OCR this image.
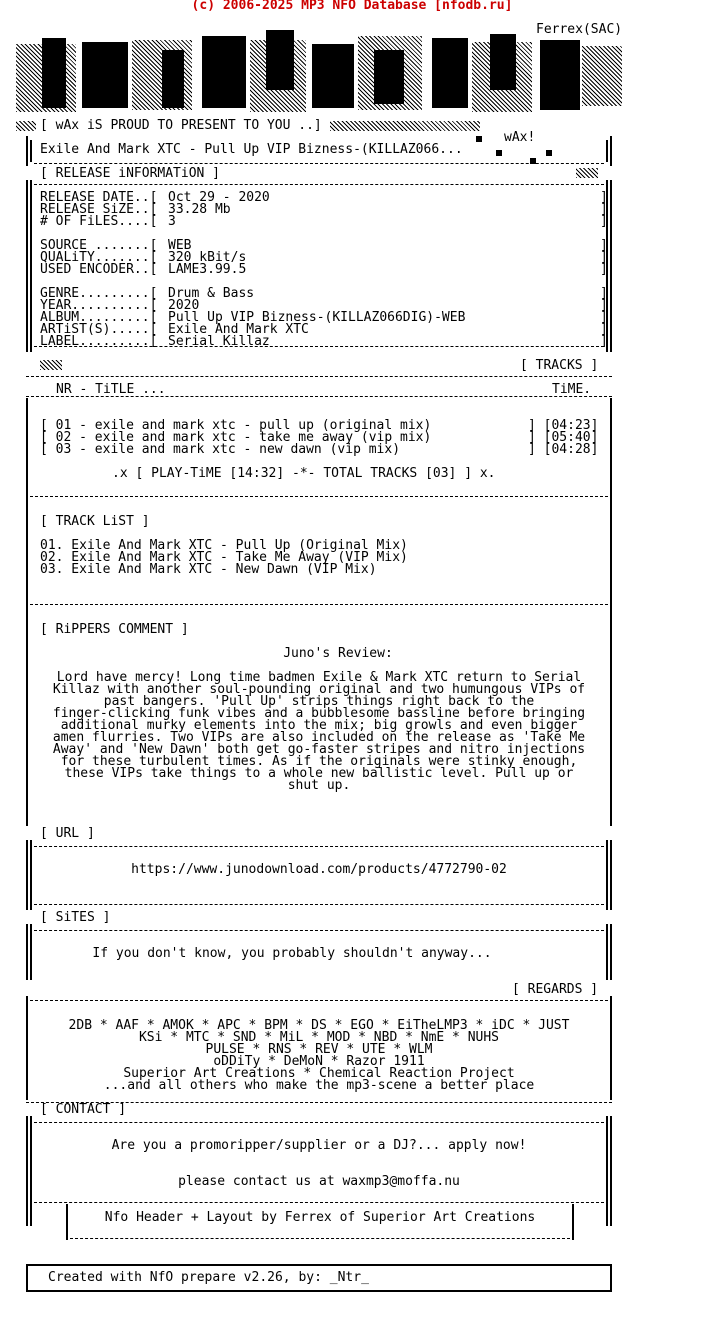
(c) 2006-2025 MP3 NFO Database [nfodb.ru]
Ferrex(SAC)
[ wAx iS PROUD TO PRESENT TO YOU ..]
wAx!
Exile And Mark XTC - Pull Up VIP Bizness-(KILLAZ066...
[ RELEASE iNFORMATiON ]
RELEASE DATE..[ Oct 29 - 2020
RELEASE SiZE..[ 33.28 Mb
# OF FiLES....[ 3
SOURCE .......[ WEB
QUALiTY.......[ 320 kBit/s
USED ENCODER..[ LAME3.99.5
GENRE.........[ Drum & Bass
YEAR..........[ 2020
ALBUM.........[ Pull Up VIP Bizness-(KILLAZ066DIG)-WEB
ARTiST(S).....[ Exile And Mark XTC
LABEL.........[ Serial Killaz
]
]
]

]
]
]

]
]
]
]
]
[ TRACKS ]
NR - TiTLE ...	TiME.
[ 01 - exile and mark xtc - pull up (original mix)	] [04:23]
[ 02 - exile and mark xtc - take me away (vip mix)	] [05:40]
[ 03 - exile and mark xtc - new dawn (vip mix)	] [04:28]
.x [ PLAY-TiME [14:32] -*- TOTAL TRACKS [03] ] x.
[ TRACK LiST ]
01. Exile And Mark XTC - Pull Up (Original Mix)
02. Exile And Mark XTC - Take Me Away (VIP Mix)
03. Exile And Mark XTC - New Dawn (VIP Mix)
[ RiPPERS COMMENT ]
Juno's Review:
Lord have mercy! Long time badmen Exile & Mark XTC return to Serial
Killaz with another soul-pounding original and two humungous VIPs of
past bangers. 'Pull Up' strips things right back to the
finger-clicking funk vibes and a bubblesome bassline before bringing
additional murky elements into the mix; big growls and even bigger
amen flurries. Two VIPs are also included on the release as 'Take Me
Away' and 'New Dawn' both get go-faster stripes and nitro injections
for these turbulent times. As if the originals were stinky enough,
these VIPs take things to a whole new ballistic level. Pull up or
shut up.
[ URL ]
https://www.junodownload.com/products/4772790-02
[ SiTES ]
If you don't know, you probably shouldn't anyway...
[ REGARDS ]
2DB * AAF * AMOK * APC * BPM * DS * EGO * EiTheLMP3 * iDC * JUST
KSi * MTC * SND * MiL * MOD * NBD * NmE * NUHS
PULSE * RNS * REV * UTE * WLM
oDDiTy * DeMoN * Razor 1911
Superior Art Creations * Chemical Reaction Project
...and all others who make the mp3-scene a better place
[ CONTACT ]
Are you a promoripper/supplier or a DJ?... apply now!
please contact us at waxmp3@moffa.nu
Nfo Header + Layout by Ferrex of Superior Art Creations
Created with NfO prepare v2.26, by: _Ntr_
